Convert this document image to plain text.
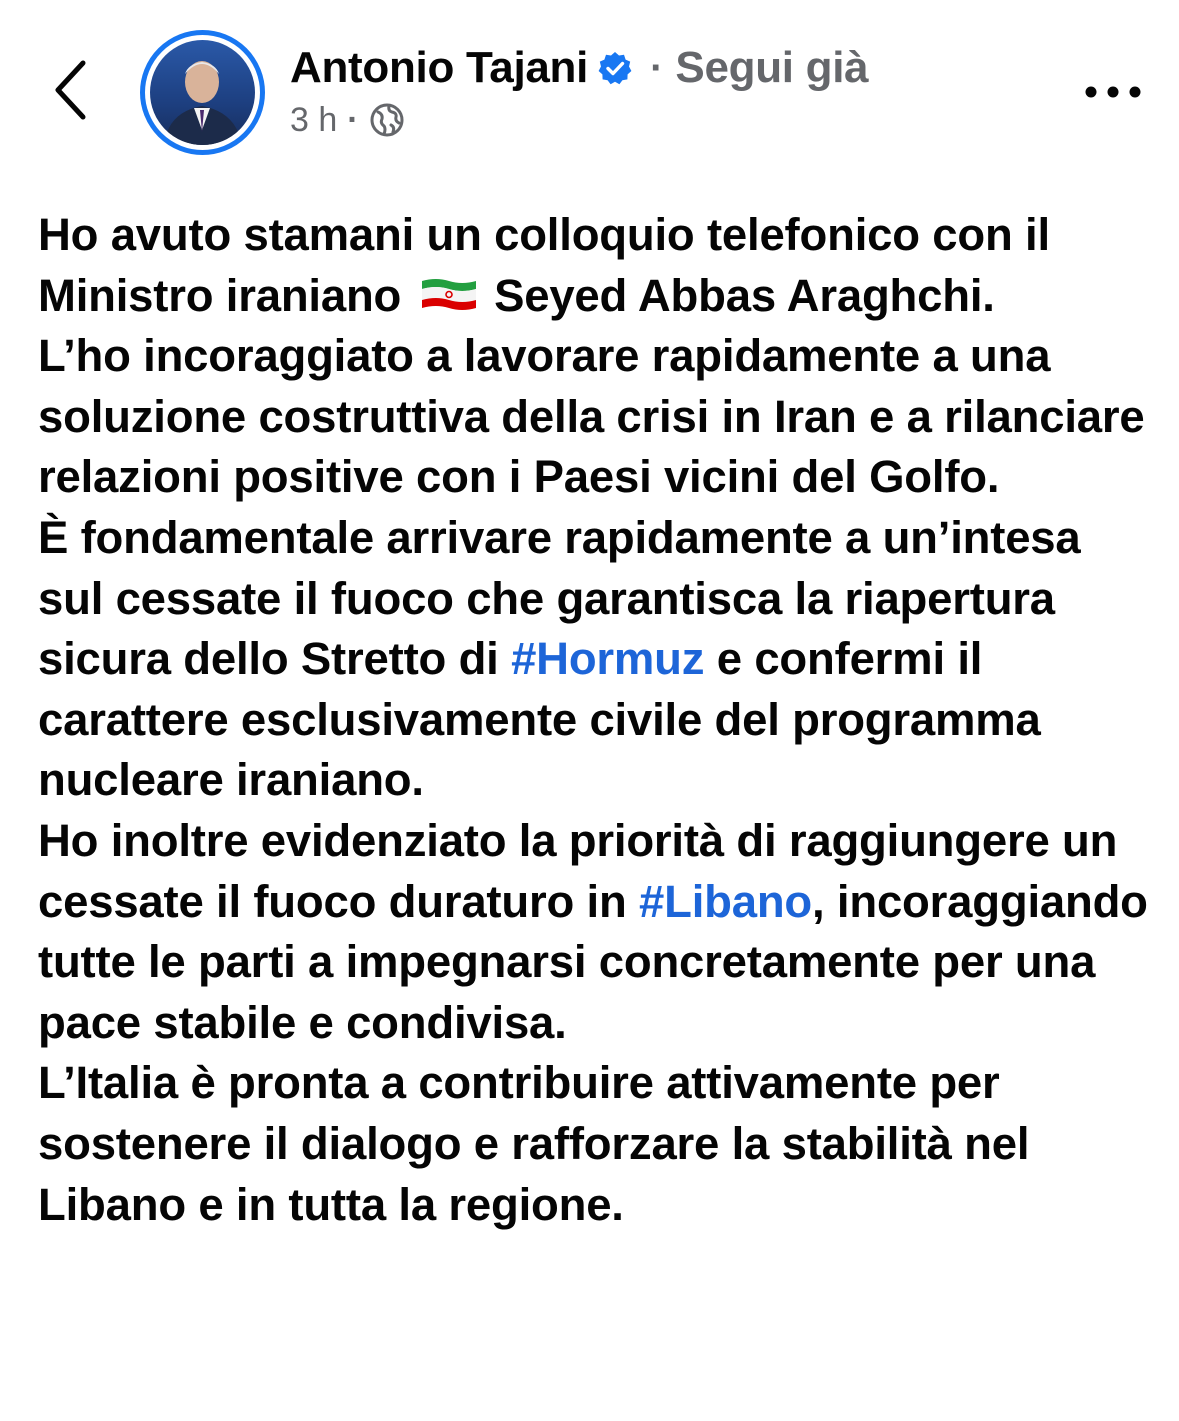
Antonio Tajani · Segui già
3 h ·

Ho avuto stamani un colloquio telefonico con il Ministro iraniano Seyed Abbas Araghchi.

L’ho incoraggiato a lavorare rapidamente a una soluzione costruttiva della crisi in Iran e a rilanciare relazioni positive con i Paesi vicini del Golfo.

È fondamentale arrivare rapidamente a un’intesa sul cessate il fuoco che garantisca la riapertura sicura dello Stretto di #Hormuz e confermi il carattere esclusivamente civile del programma nucleare iraniano.

Ho inoltre evidenziato la priorità di raggiungere un cessate il fuoco duraturo in #Libano, incoraggiando tutte le parti a impegnarsi concretamente per una pace stabile e condivisa.

L’Italia è pronta a contribuire attivamente per sostenere il dialogo e rafforzare la stabilità nel Libano e in tutta la regione.
